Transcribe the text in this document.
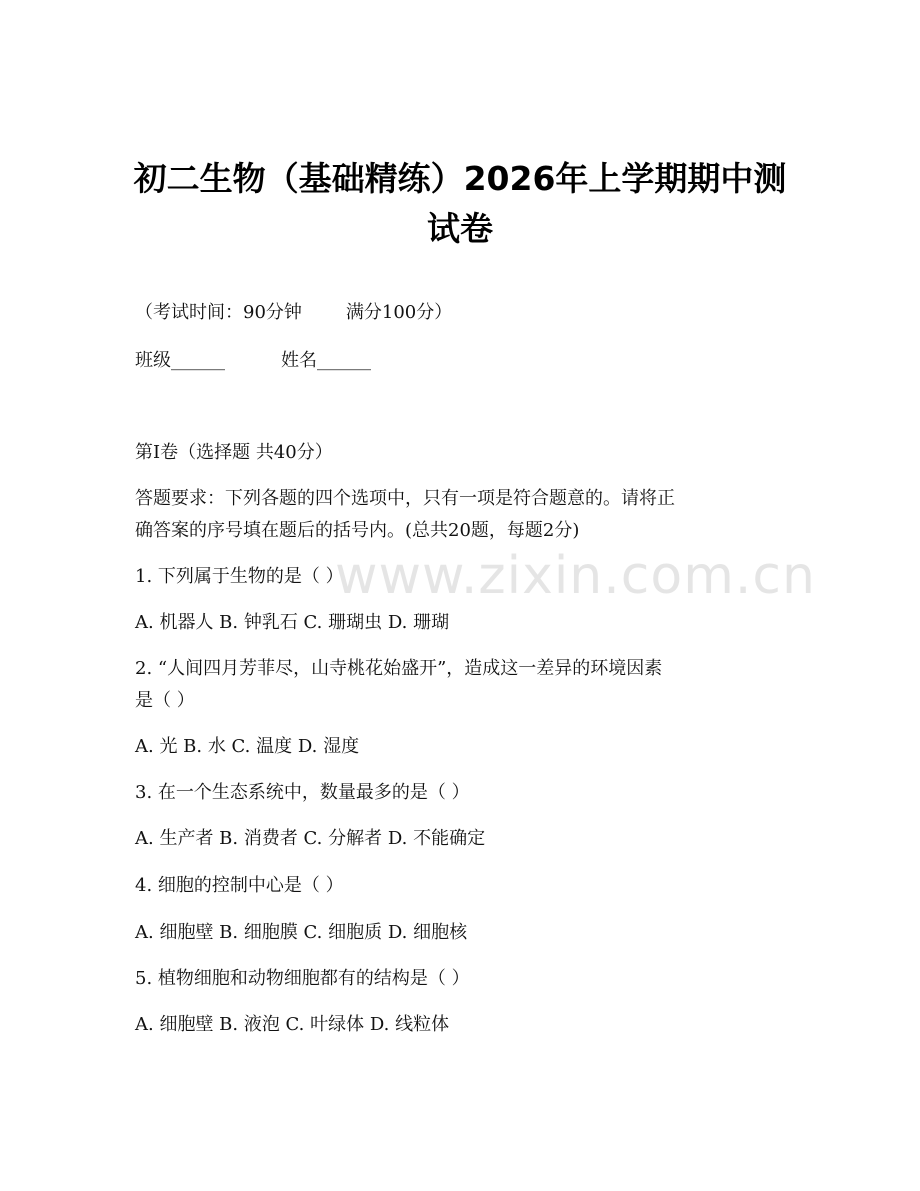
初二生物（基础精练）2026年上学期期中测
试卷

（考试时间：90分钟 满分100分）

班级______	姓名______

第I卷（选择题 共40分）

答题要求：下列各题的四个选项中，只有一项是符合题意的。请将正

确答案的序号填在题后的括号内。(总共20题，每题2分)

1. 下列属于生物的是（ ）

A. 机器人 B. 钟乳石 C. 珊瑚虫 D. 珊瑚

2. “人间四月芳菲尽，山寺桃花始盛开”，造成这一差异的环境因素

是（ ）

A. 光 B. 水 C. 温度 D. 湿度

3. 在一个生态系统中，数量最多的是（ ）

A. 生产者 B. 消费者 C. 分解者 D. 不能确定

4. 细胞的控制中心是（ ）

A. 细胞壁 B. 细胞膜 C. 细胞质 D. 细胞核

5. 植物细胞和动物细胞都有的结构是（ ）

A. 细胞壁 B. 液泡 C. 叶绿体 D. 线粒体

www.zixin.com.cn
